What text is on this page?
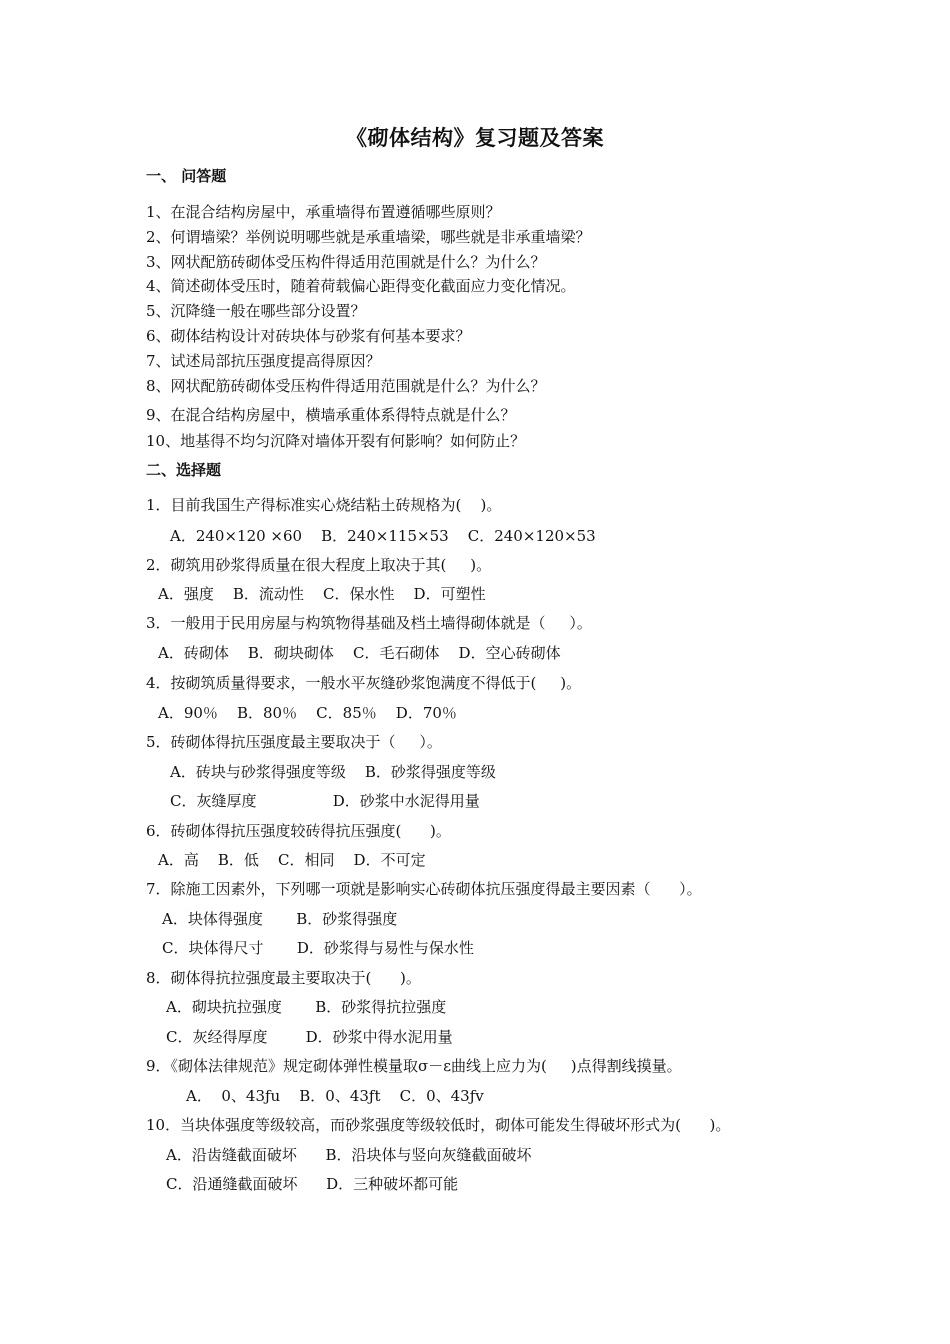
《砌体结构》复习题及答案
一、 问答题
1、在混合结构房屋中，承重墙得布置遵循哪些原则？
2、何谓墙梁？举例说明哪些就是承重墙梁，哪些就是非承重墙梁？
3、网状配筋砖砌体受压构件得适用范围就是什么？为什么？
4、简述砌体受压时，随着荷载偏心距得变化截面应力变化情况。
5、沉降缝一般在哪些部分设置？
6、砌体结构设计对砖块体与砂浆有何基本要求？
7、试述局部抗压强度提高得原因？
8、网状配筋砖砌体受压构件得适用范围就是什么？为什么？
9、在混合结构房屋中，横墙承重体系得特点就是什么？
10、地基得不均匀沉降对墙体开裂有何影响？如何防止？
二、选择题
1．目前我国生产得标准实心烧结粘土砖规格为(    )。
A．240×120 ×60    B．240×115×53    C．240×120×53
2．砌筑用砂浆得质量在很大程度上取决于其(     )。
A．强度    B．流动性    C．保水性    D．可塑性
3．一般用于民用房屋与构筑物得基础及档土墙得砌体就是（     ）。
A．砖砌体    B．砌块砌体    C．毛石砌体    D．空心砖砌体
4．按砌筑质量得要求，一般水平灰缝砂浆饱满度不得低于(     )。
A．90％    B．80％    C．85％    D．70％
5．砖砌体得抗压强度最主要取决于（     ）。
A．砖块与砂浆得强度等级    B．砂浆得强度等级
C．灰缝厚度                D．砂浆中水泥得用量
6．砖砌体得抗压强度较砖得抗压强度(      )。
A．高    B．低    C．相同    D．不可定
7．除施工因素外，下列哪一项就是影响实心砖砌体抗压强度得最主要因素（      ）。
A．块体得强度       B．砂浆得强度
C．块体得尺寸       D．砂浆得与易性与保水性
8．砌体得抗拉强度最主要取决于(      )。
A．砌块抗拉强度       B．砂浆得抗拉强度
C．灰经得厚度        D．砂浆中得水泥用量
9．《砌体法律规范》规定砌体弹性模量取σ－ε曲线上应力为(     )点得割线摸量。
A．  0、43ƒu    B．0、43ƒt    C．0、43ƒv
10．当块体强度等级较高，而砂浆强度等级较低时，砌体可能发生得破坏形式为(      )。
A．沿齿缝截面破坏      B．沿块体与竖向灰缝截面破坏
C．沿通缝截面破坏      D．三种破坏都可能
